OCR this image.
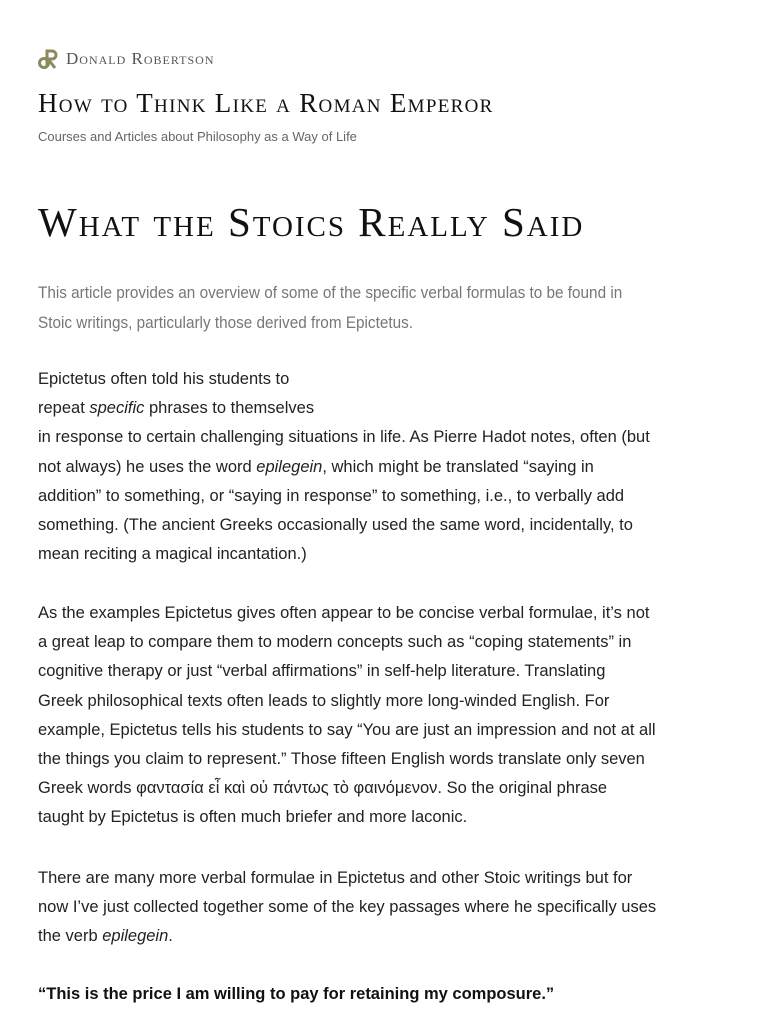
Donald Robertson
How to Think Like a Roman Emperor
Courses and Articles about Philosophy as a Way of Life
What the Stoics Really Said
This article provides an overview of some of the specific verbal formulas to be found in
Stoic writings, particularly those derived from Epictetus.
Epictetus often told his students to
repeat specific phrases to themselves
in response to certain challenging situations in life. As Pierre Hadot notes, often (but
not always) he uses the word epilegein, which might be translated “saying in
addition” to something, or “saying in response” to something, i.e., to verbally add
something. (The ancient Greeks occasionally used the same word, incidentally, to
mean reciting a magical incantation.)
As the examples Epictetus gives often appear to be concise verbal formulae, it’s not
a great leap to compare them to modern concepts such as “coping statements” in
cognitive therapy or just “verbal affirmations” in self-help literature. Translating
Greek philosophical texts often leads to slightly more long-winded English. For
example, Epictetus tells his students to say “You are just an impression and not at all
the things you claim to represent.” Those fifteen English words translate only seven
Greek words φαντασία εἶ καὶ οὐ πάντως τὸ φαινόμενον. So the original phrase
taught by Epictetus is often much briefer and more laconic.
There are many more verbal formulae in Epictetus and other Stoic writings but for
now I’ve just collected together some of the key passages where he specifically uses
the verb epilegein.
“This is the price I am willing to pay for retaining my composure.”
